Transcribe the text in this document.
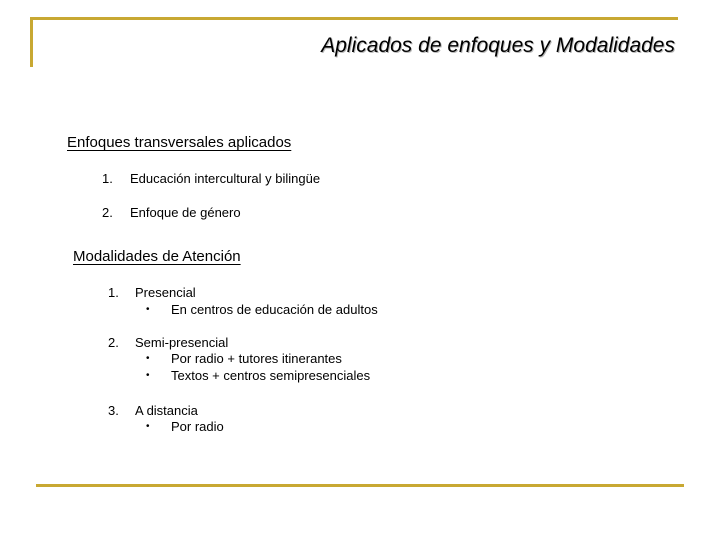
Aplicados de enfoques y Modalidades
Enfoques transversales aplicados
1. Educación intercultural y bilingüe
2. Enfoque de género
Modalidades de Atención
1. Presencial
• En centros de educación de adultos
2. Semi-presencial
• Por radio + tutores itinerantes
• Textos + centros semipresenciales
3. A distancia
• Por radio
